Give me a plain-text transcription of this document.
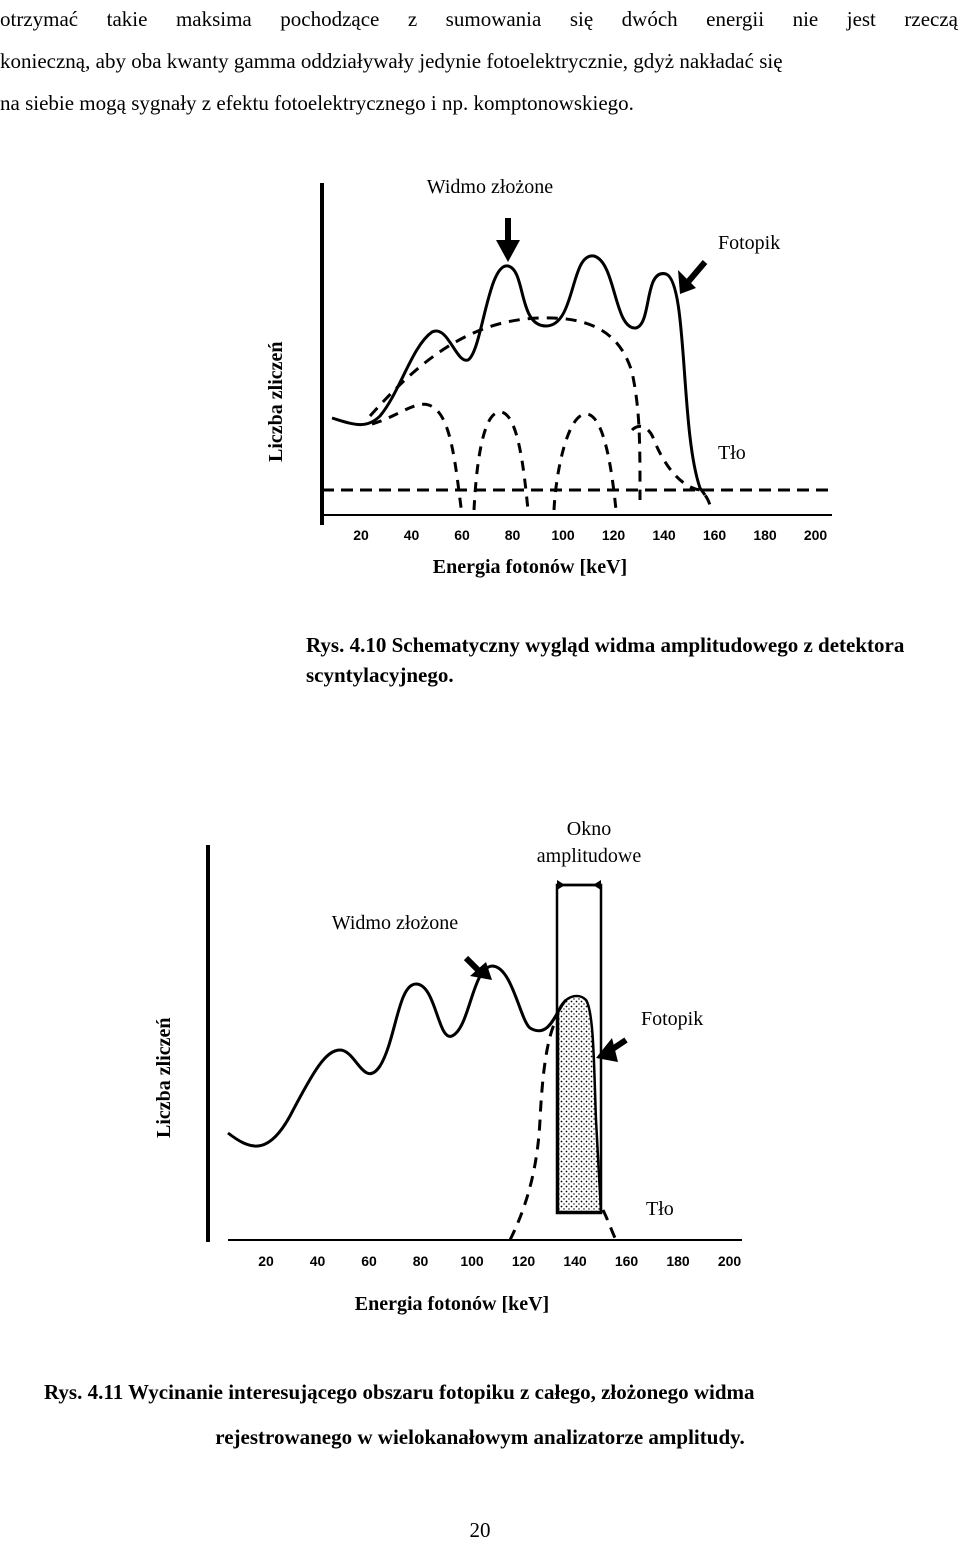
otrzymać takie maksima pochodzące z sumowania się dwóch energii nie jest rzeczą
konieczną, aby oba kwanty gamma oddziaływały jedynie fotoelektrycznie, gdyż nakładać się
na siebie mogą sygnały z efektu fotoelektrycznego i np. komptonowskiego.
Widmo złożone
Fotopik
Tło
Liczba zliczeń
Energia fotonów [keV]
20 40 60 80 100 120 140 160 180 200
Rys. 4.10 Schematyczny wygląd widma amplitudowego z detektora scyntylacyjnego.
Okno
amplitudowe
Widmo złożone
Fotopik
Tło
Liczba zliczeń
Energia fotonów [keV]
20	40	60	80 100 120 140 160 180 200
Rys. 4.11 Wycinanie interesującego obszaru fotopiku z całego, złożonego widma
rejestrowanego w wielokanałowym analizatorze amplitudy.
20
